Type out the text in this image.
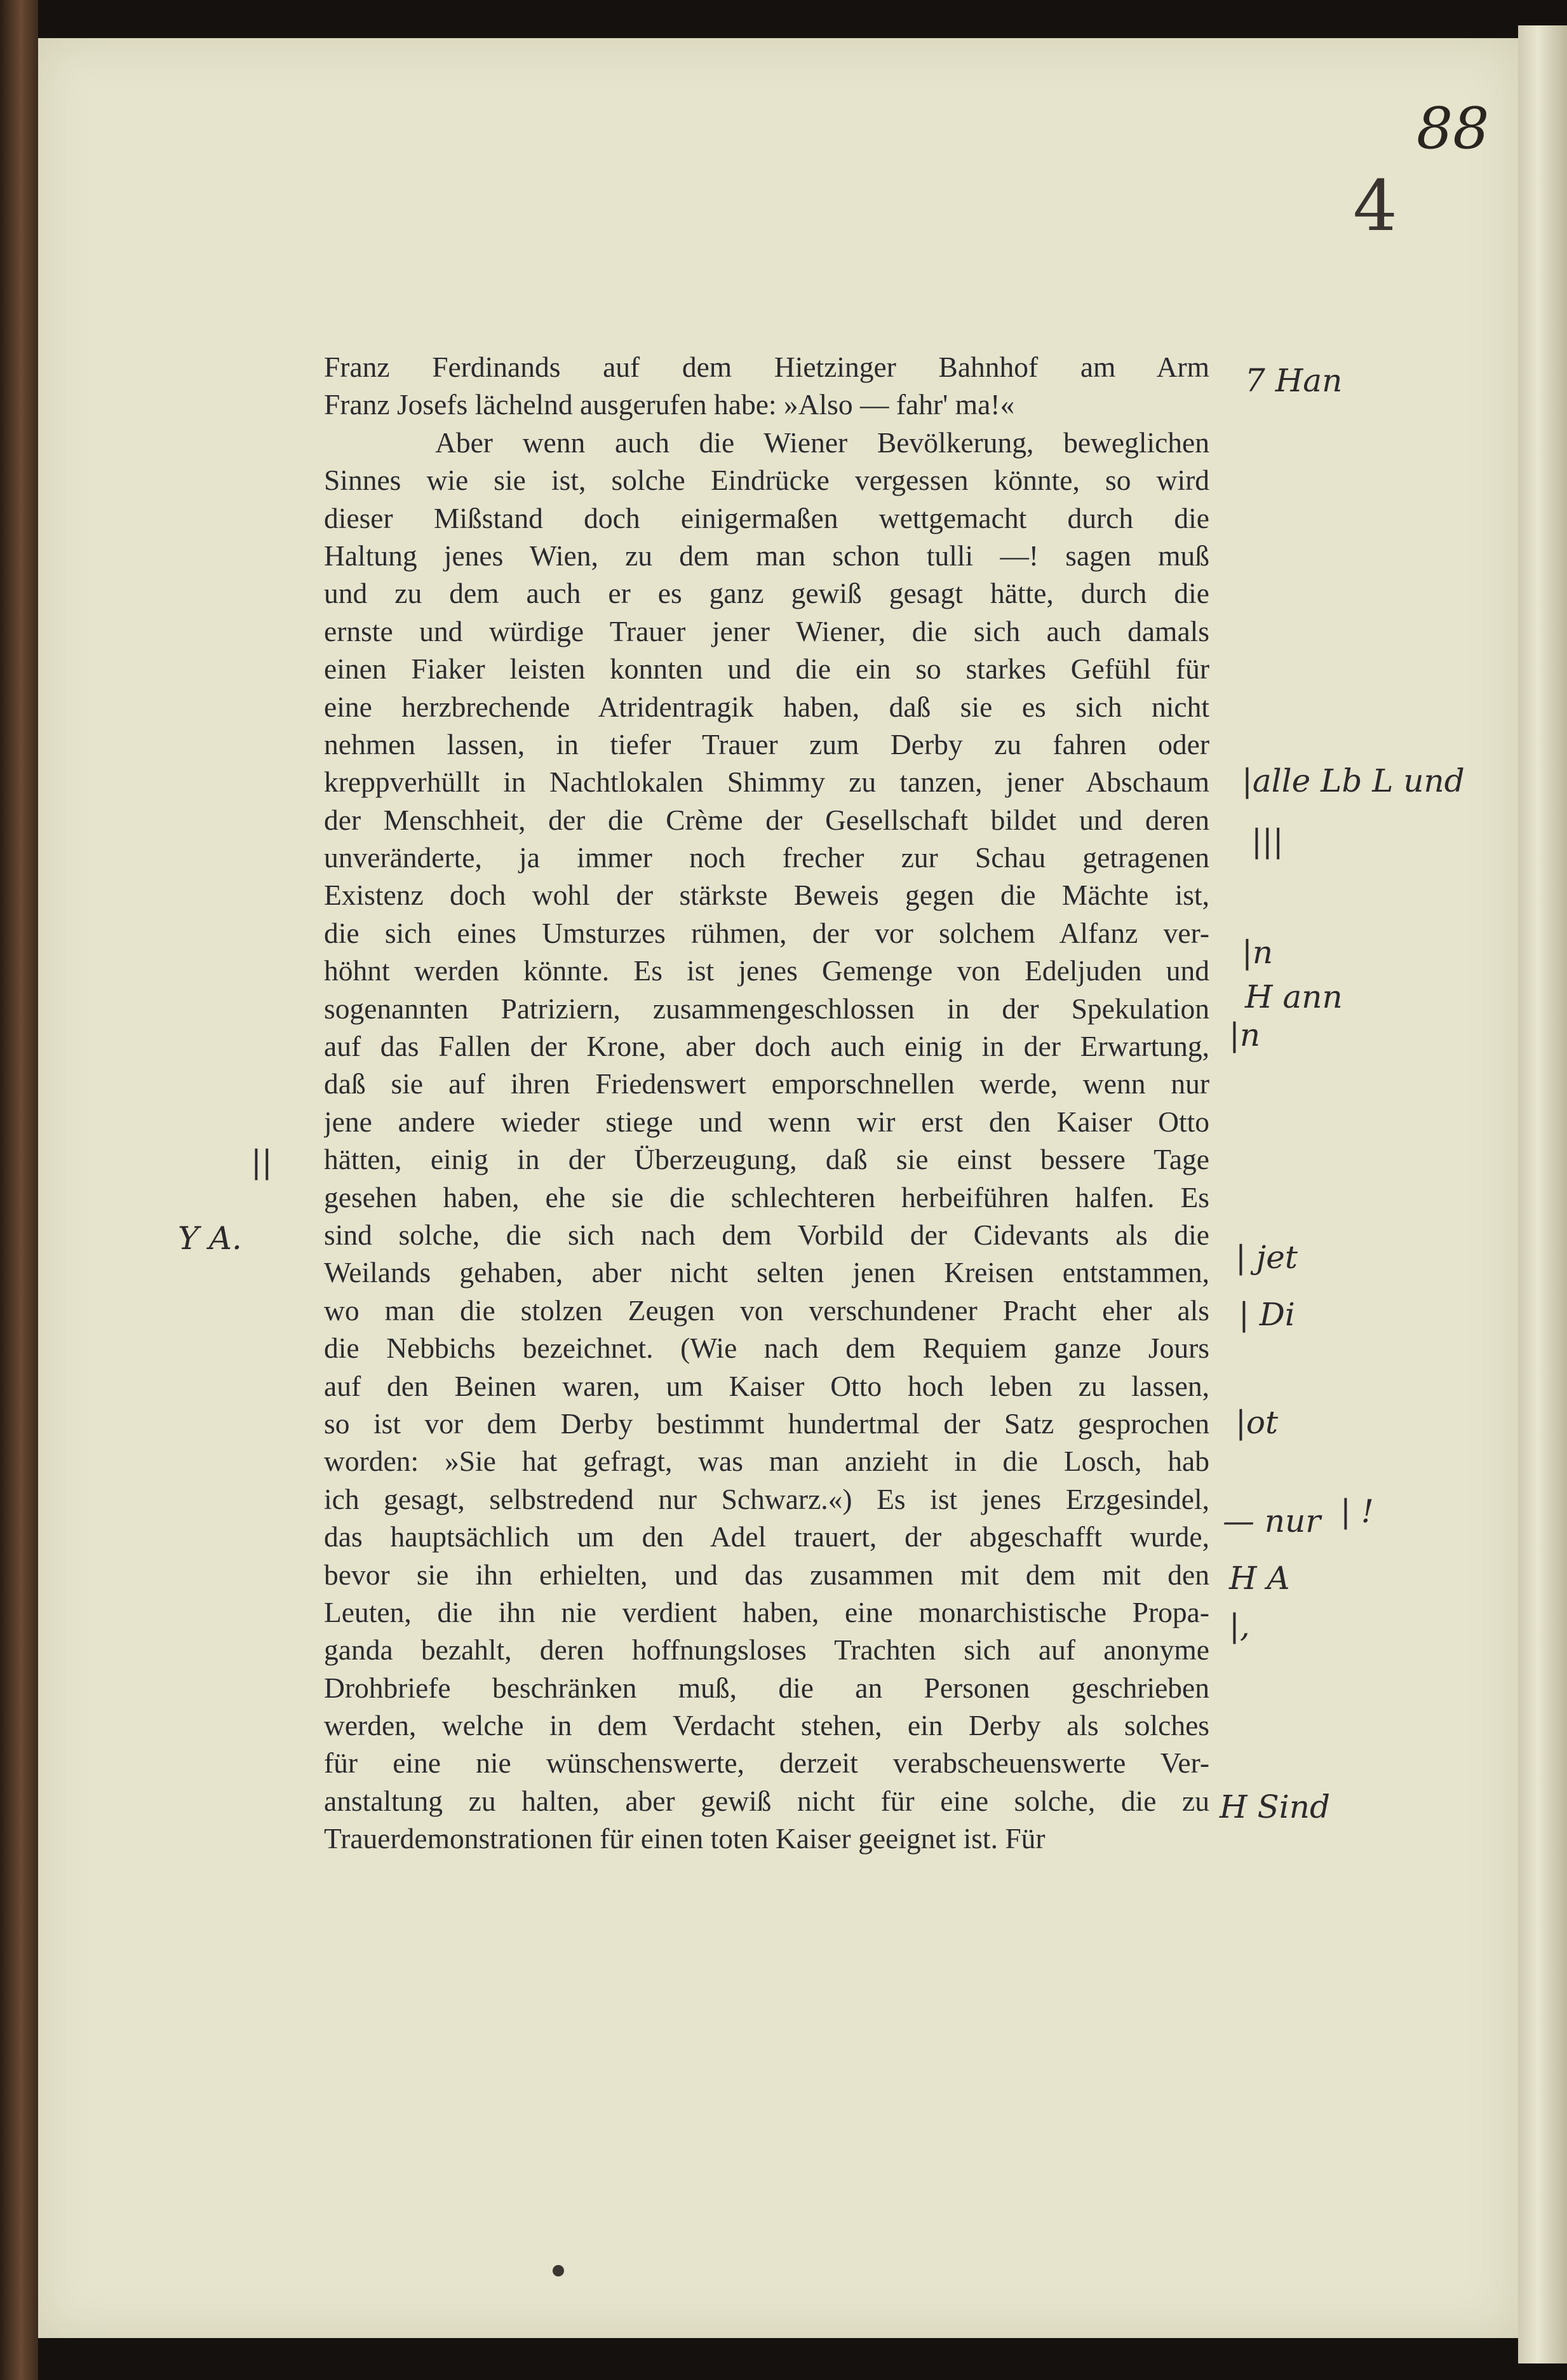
88
4
Franz Ferdinands auf dem Hietzinger Bahnhof am Arm
Franz Josefs lächelnd ausgerufen habe: »Also — fahr' ma!«
Aber wenn auch die Wiener Bevölkerung, beweglichen
Sinnes wie sie ist, solche Eindrücke vergessen könnte, so wird
dieser Mißstand doch einigermaßen wettgemacht durch die
Haltung jenes Wien, zu dem man schon tulli —! sagen muß
und zu dem auch er es ganz gewiß gesagt hätte, durch die
ernste und würdige Trauer jener Wiener, die sich auch damals
einen Fiaker leisten konnten und die ein so starkes Gefühl für
eine herzbrechende Atridentragik haben, daß sie es sich nicht
nehmen lassen, in tiefer Trauer zum Derby zu fahren oder
kreppverhüllt in Nachtlokalen Shimmy zu tanzen, jener Abschaum
der Menschheit, der die Crème der Gesellschaft bildet und deren
unveränderte, ja immer noch frecher zur Schau getragenen
Existenz doch wohl der stärkste Beweis gegen die Mächte ist,
die sich eines Umsturzes rühmen, der vor solchem Alfanz ver-
höhnt werden könnte. Es ist jenes Gemenge von Edeljuden und
sogenannten Patriziern, zusammengeschlossen in der Spekulation
auf das Fallen der Krone, aber doch auch einig in der Erwartung,
daß sie auf ihren Friedenswert emporschnellen werde, wenn nur
jene andere wieder stiege und wenn wir erst den Kaiser Otto
hätten, einig in der Überzeugung, daß sie einst bessere Tage
gesehen haben, ehe sie die schlechteren herbeiführen halfen. Es
sind solche, die sich nach dem Vorbild der Cidevants als die
Weilands gehaben, aber nicht selten jenen Kreisen entstammen,
wo man die stolzen Zeugen von verschundener Pracht eher als
die Nebbichs bezeichnet. (Wie nach dem Requiem ganze Jours
auf den Beinen waren, um Kaiser Otto hoch leben zu lassen,
so ist vor dem Derby bestimmt hundertmal der Satz gesprochen
worden: »Sie hat gefragt, was man anzieht in die Losch, hab
ich gesagt, selbstredend nur Schwarz.«) Es ist jenes Erzgesindel,
das hauptsächlich um den Adel trauert, der abgeschafft wurde,
bevor sie ihn erhielten, und das zusammen mit dem mit den
Leuten, die ihn nie verdient haben, eine monarchistische Propa-
ganda bezahlt, deren hoffnungsloses Trachten sich auf anonyme
Drohbriefe beschränken muß, die an Personen geschrieben
werden, welche in dem Verdacht stehen, ein Derby als solches
für eine nie wünschenswerte, derzeit verabscheuenswerte Ver-
anstaltung zu halten, aber gewiß nicht für eine solche, die zu
Trauerdemonstrationen für einen toten Kaiser geeignet ist. Für
7 Han
|alle Lb L und
|||
|n
H ann
|n
| jet
| Di
|ot
— nur | !
H A
|,
H Sind
||
Y A.
